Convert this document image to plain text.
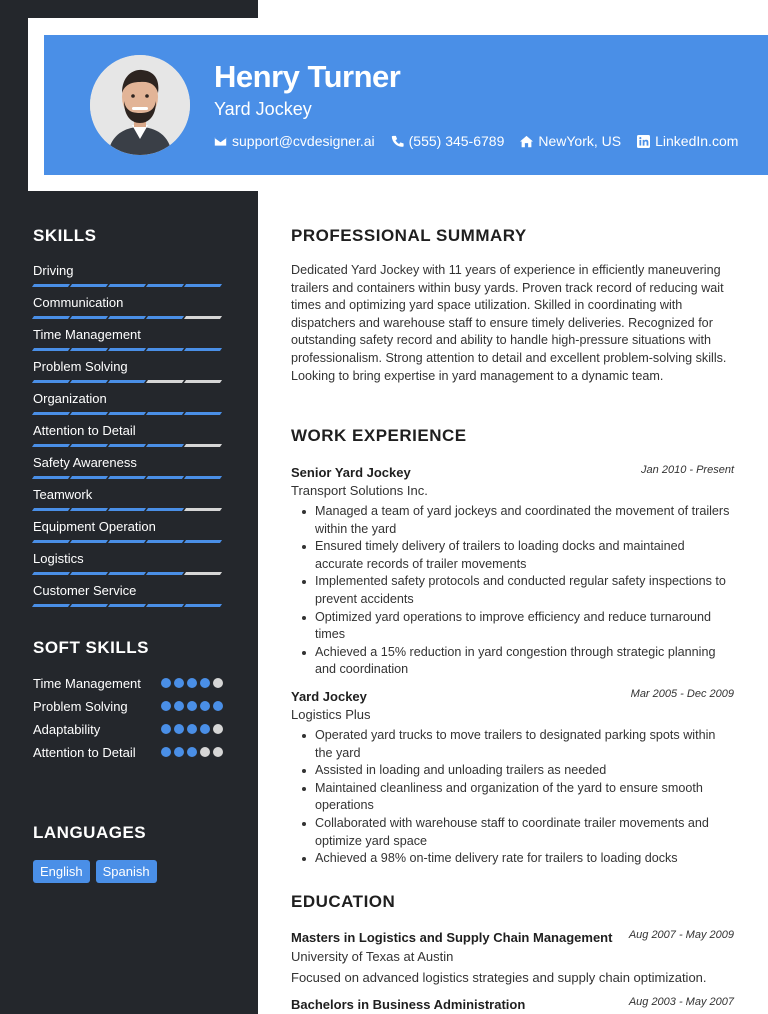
Henry Turner
Yard Jockey
support@cvdesigner.ai (555) 345-6789 NewYork, US LinkedIn.com
SKILLS
Driving
Communication
Time Management
Problem Solving
Organization
Attention to Detail
Safety Awareness
Teamwork
Equipment Operation
Logistics
Customer Service
SOFT SKILLS
Time Management
Problem Solving
Adaptability
Attention to Detail
LANGUAGES
English	Spanish
PROFESSIONAL SUMMARY
Dedicated Yard Jockey with 11 years of experience in efficiently maneuvering trailers and containers within busy yards. Proven track record of reducing wait times and optimizing yard space utilization. Skilled in coordinating with dispatchers and warehouse staff to ensure timely deliveries. Recognized for outstanding safety record and ability to handle high-pressure situations with professionalism. Strong attention to detail and excellent problem-solving skills. Looking to bring expertise in yard management to a dynamic team.
WORK EXPERIENCE
Senior Yard Jockey	Jan 2010 - Present
Transport Solutions Inc.
Managed a team of yard jockeys and coordinated the movement of trailers within the yard
Ensured timely delivery of trailers to loading docks and maintained accurate records of trailer movements
Implemented safety protocols and conducted regular safety inspections to prevent accidents
Optimized yard operations to improve efficiency and reduce turnaround times
Achieved a 15% reduction in yard congestion through strategic planning and coordination
Yard Jockey	Mar 2005 - Dec 2009
Logistics Plus
Operated yard trucks to move trailers to designated parking spots within the yard
Assisted in loading and unloading trailers as needed
Maintained cleanliness and organization of the yard to ensure smooth operations
Collaborated with warehouse staff to coordinate trailer movements and optimize yard space
Achieved a 98% on-time delivery rate for trailers to loading docks
EDUCATION
Masters in Logistics and Supply Chain Management Aug 2007 - May 2009
University of Texas at Austin
Focused on advanced logistics strategies and supply chain optimization.
Bachelors in Business Administration	Aug 2003 - May 2007
